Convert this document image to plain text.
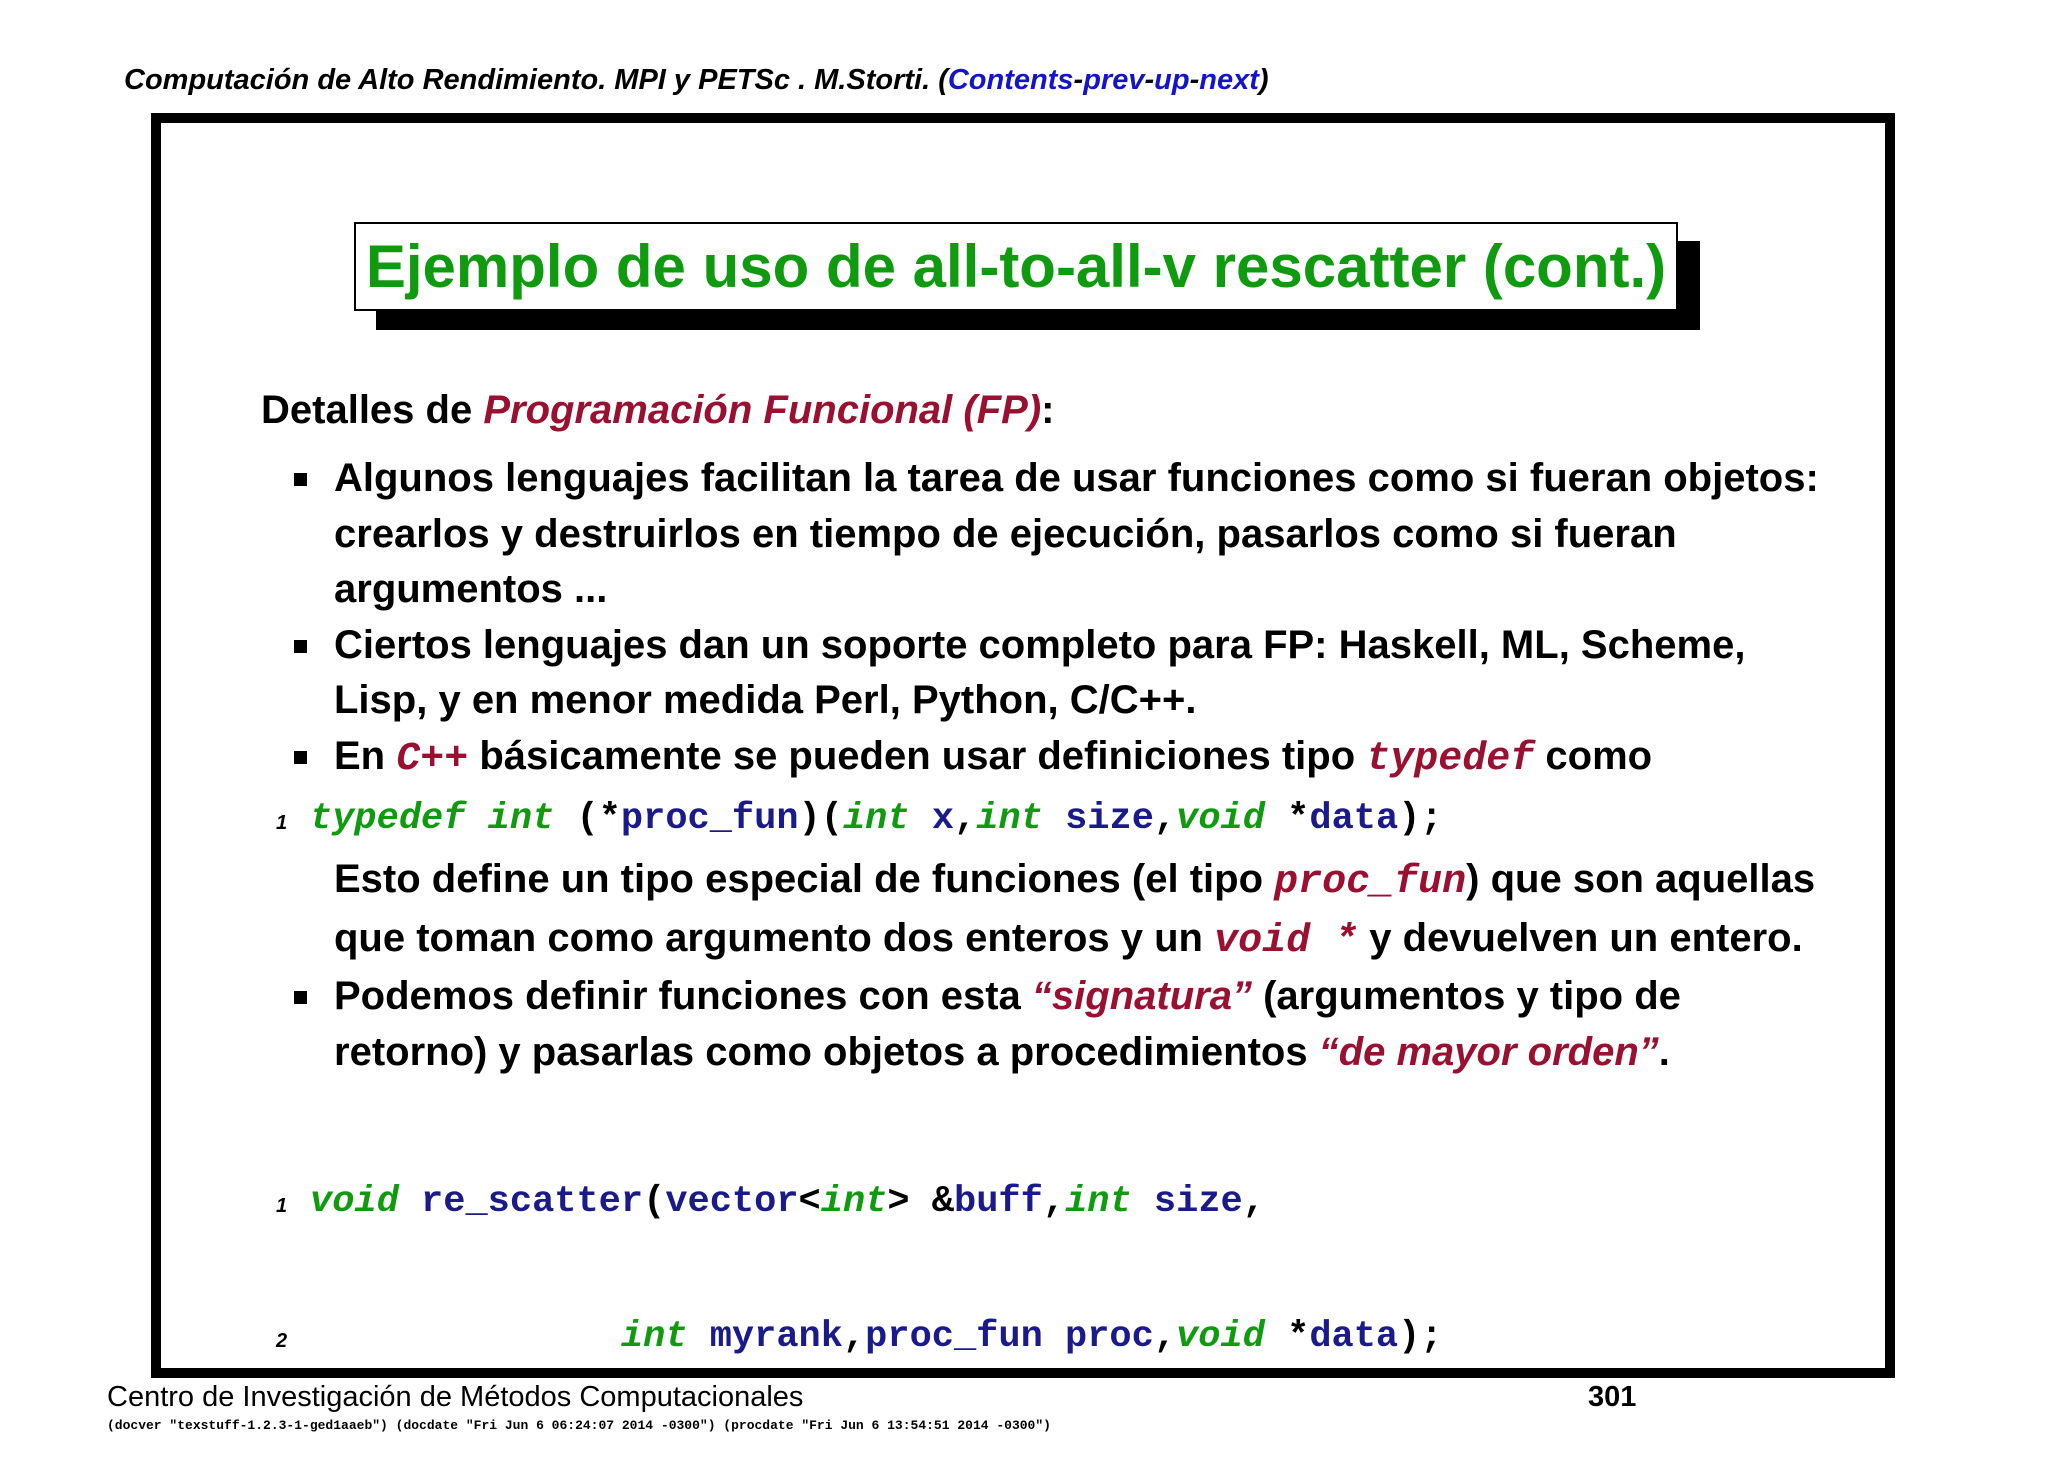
Computación de Alto Rendimiento. MPI y PETSc . M.Storti. (Contents-prev-up-next)
Ejemplo de uso de all-to-all-v rescatter (cont.)

Detalles de Programación Funcional (FP):

Algunos lenguajes facilitan la tarea de usar funciones como si fueran objetos: crearlos y destruirlos en tiempo de ejecución, pasarlos como si fueran argumentos ...
Ciertos lenguajes dan un soporte completo para FP: Haskell, ML, Scheme, Lisp, y en menor medida Perl, Python, C/C++.
En C++ básicamente se pueden usar definiciones tipo typedef como
1 typedef int (*proc_fun)(int x,int size,void *data);
Esto define un tipo especial de funciones (el tipo proc_fun) que son aquellas que toman como argumento dos enteros y un void * y devuelven un entero.
Podemos definir funciones con esta “signatura” (argumentos y tipo de retorno) y pasarlas como objetos a procedimientos “de mayor orden”.

1 void re_scatter(vector<int> &buff,int size,

2	int myrank,proc_fun proc,void *data);

Centro de Investigación de Métodos Computacionales	301
(docver "texstuff-1.2.3-1-ged1aaeb") (docdate "Fri Jun 6 06:24:07 2014 -0300") (procdate "Fri Jun 6 13:54:51 2014 -0300")
